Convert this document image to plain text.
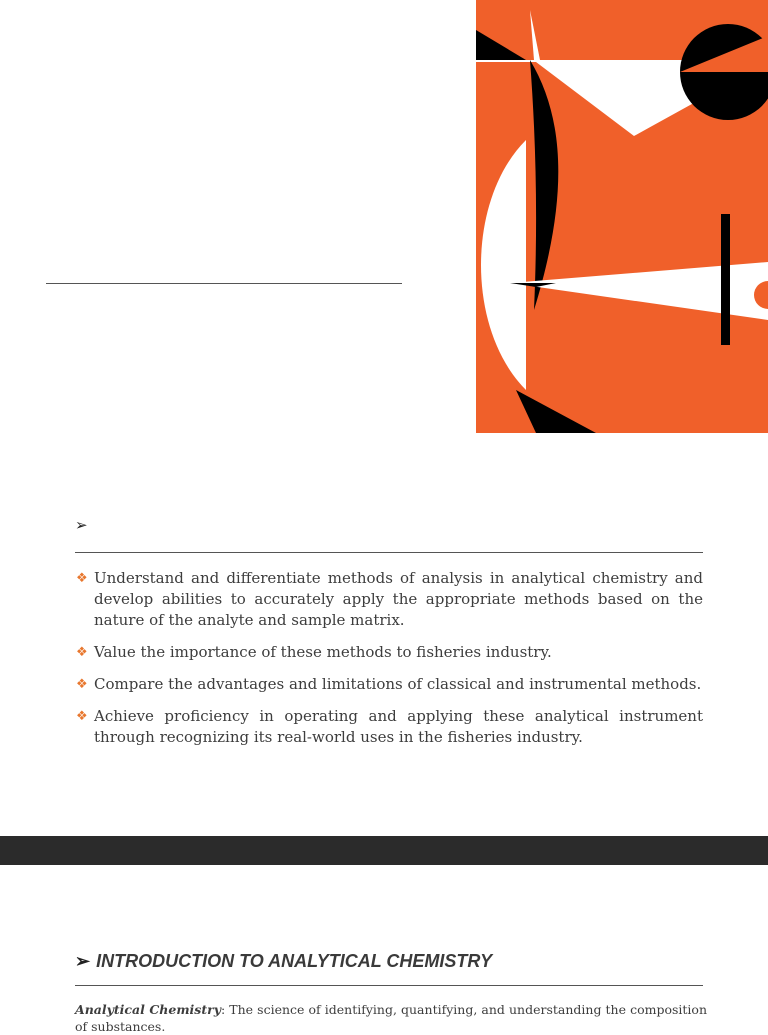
➢
❖ Understand and differentiate methods of analysis in analytical chemistry and develop abilities to accurately apply the appropriate methods based on the nature of the analyte and sample matrix.
❖ Value the importance of these methods to fisheries industry.
❖ Compare the advantages and limitations of classical and instrumental methods.
❖ Achieve proficiency in operating and applying these analytical instrument through recognizing its real-world uses in the fisheries industry.
➢ INTRODUCTION TO ANALYTICAL CHEMISTRY
Analytical Chemistry: The science of identifying, quantifying, and understanding the composition of substances.
